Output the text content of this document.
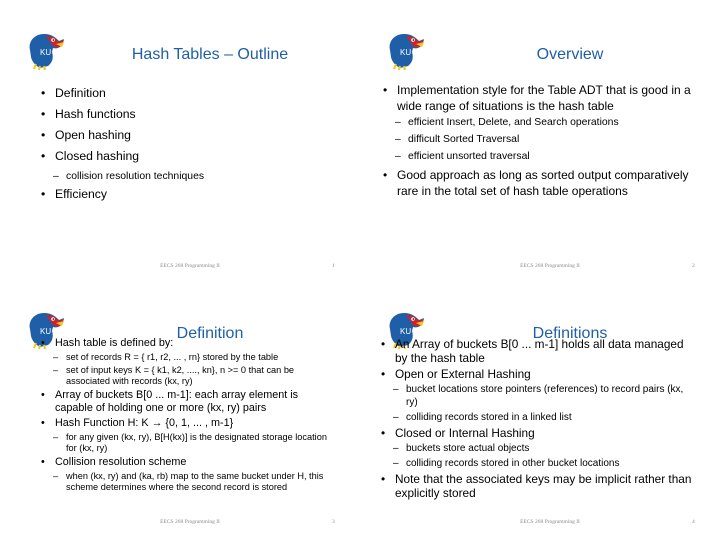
KU	Hash Tables – Outline
• Definition
• Hash functions
• Open hashing
• Closed hashing
– collision resolution techniques
• Efficiency
EECS 268 Programming II	1
KU	Overview
• Implementation style for the Table ADT that is good in a wide range of situations is the hash table
– efficient Insert, Delete, and Search operations
– difficult Sorted Traversal
– efficient unsorted traversal
• Good approach as long as sorted output comparatively rare in the total set of hash table operations
EECS 268 Programming II	2
KU	Definition
• Hash table is defined by:
– set of records R = { r1, r2, ... , rn} stored by the table
– set of input keys K = { k1, k2, ...., kn}, n >= 0 that can be associated with records (kx, ry)
• Array of buckets B[0 ... m-1]: each array element is capable of holding one or more (kx, ry) pairs
• Hash Function H: K → {0, 1, ... , m-1}
– for any given (kx, ry), B[H(kx)] is the designated storage location for (kx, ry)
• Collision resolution scheme
– when (kx, ry) and (ka, rb) map to the same bucket under H, this scheme determines where the second record is stored
EECS 268 Programming II	3
KU	Definitions
• An Array of buckets B[0 ... m-1] holds all data managed by the hash table
• Open or External Hashing
– bucket locations store pointers (references) to record pairs (kx, ry)
– colliding records stored in a linked list
• Closed or Internal Hashing
– buckets store actual objects
– colliding records stored in other bucket locations
• Note that the associated keys may be implicit rather than explicitly stored
EECS 268 Programming II	4
